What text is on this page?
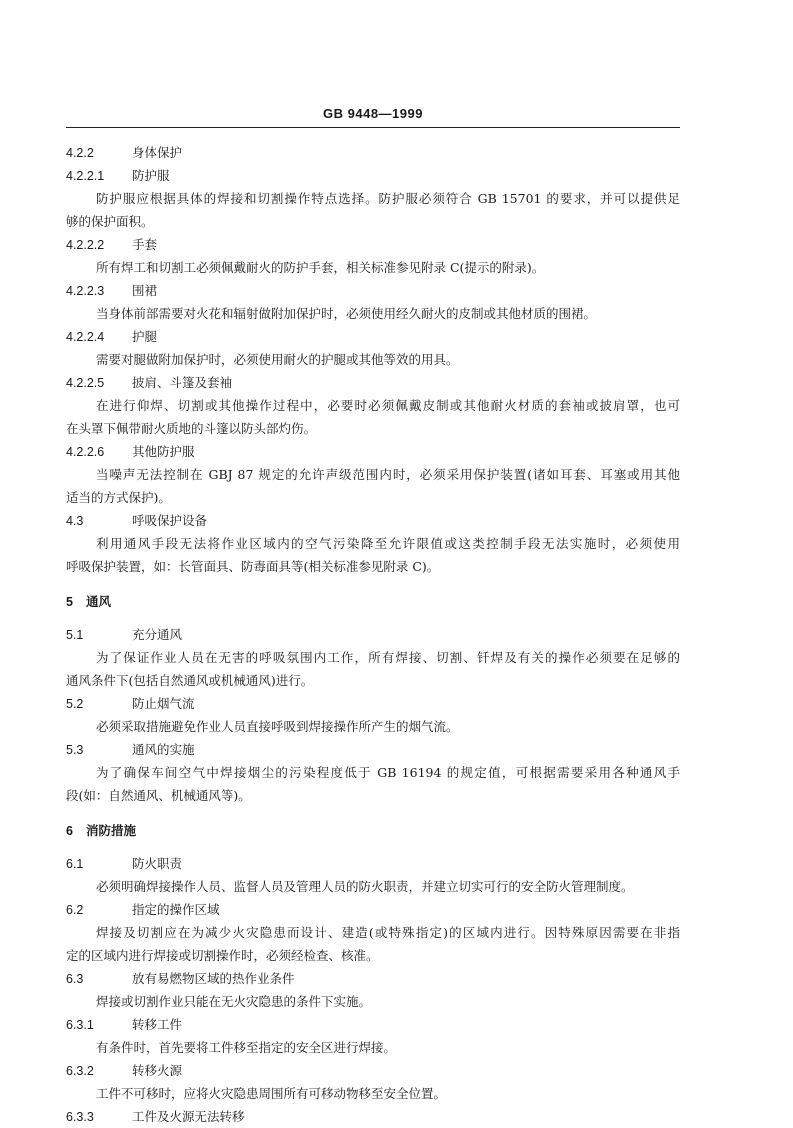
GB 9448—1999
4.2.2	身体保护
4.2.2.1 防护服
防护服应根据具体的焊接和切割操作特点选择。防护服必须符合 GB 15701 的要求，并可以提供足
够的保护面积。
4.2.2.2 手套
所有焊工和切割工必须佩戴耐火的防护手套，相关标准参见附录 C(提示的附录)。
4.2.2.3 围裙
当身体前部需要对火花和辐射做附加保护时，必须使用经久耐火的皮制或其他材质的围裙。
4.2.2.4 护腿
需要对腿做附加保护时，必须使用耐火的护腿或其他等效的用具。
4.2.2.5 披肩、斗篷及套袖
在进行仰焊、切割或其他操作过程中，必要时必须佩戴皮制或其他耐火材质的套袖或披肩罩，也可
在头罩下佩带耐火质地的斗篷以防头部灼伤。
4.2.2.6 其他防护服
当噪声无法控制在 GBJ 87 规定的允许声级范围内时，必须采用保护装置(诸如耳套、耳塞或用其他
适当的方式保护)。
4.3	呼吸保护设备
利用通风手段无法将作业区域内的空气污染降至允许限值或这类控制手段无法实施时，必须使用
呼吸保护装置，如：长管面具、防毒面具等(相关标准参见附录 C)。
5 通风
5.1	充分通风
为了保证作业人员在无害的呼吸氛围内工作，所有焊接、切割、钎焊及有关的操作必须要在足够的
通风条件下(包括自然通风或机械通风)进行。
5.2	防止烟气流
必须采取措施避免作业人员直接呼吸到焊接操作所产生的烟气流。
5.3	通风的实施
为了确保车间空气中焊接烟尘的污染程度低于 GB 16194 的规定值，可根据需要采用各种通风手
段(如：自然通风、机械通风等)。
6 消防措施
6.1	防火职责
必须明确焊接操作人员、监督人员及管理人员的防火职责，并建立切实可行的安全防火管理制度。
6.2	指定的操作区域
焊接及切割应在为减少火灾隐患而设计、建造(或特殊指定)的区域内进行。因特殊原因需要在非指
定的区域内进行焊接或切割操作时，必须经检查、核准。
6.3	放有易燃物区域的热作业条件
焊接或切割作业只能在无火灾隐患的条件下实施。
6.3.1	转移工件
有条件时，首先要将工件移至指定的安全区进行焊接。
6.3.2	转移火源
工件不可移时，应将火灾隐患周围所有可移动物移至安全位置。
6.3.3	工件及火源无法转移
